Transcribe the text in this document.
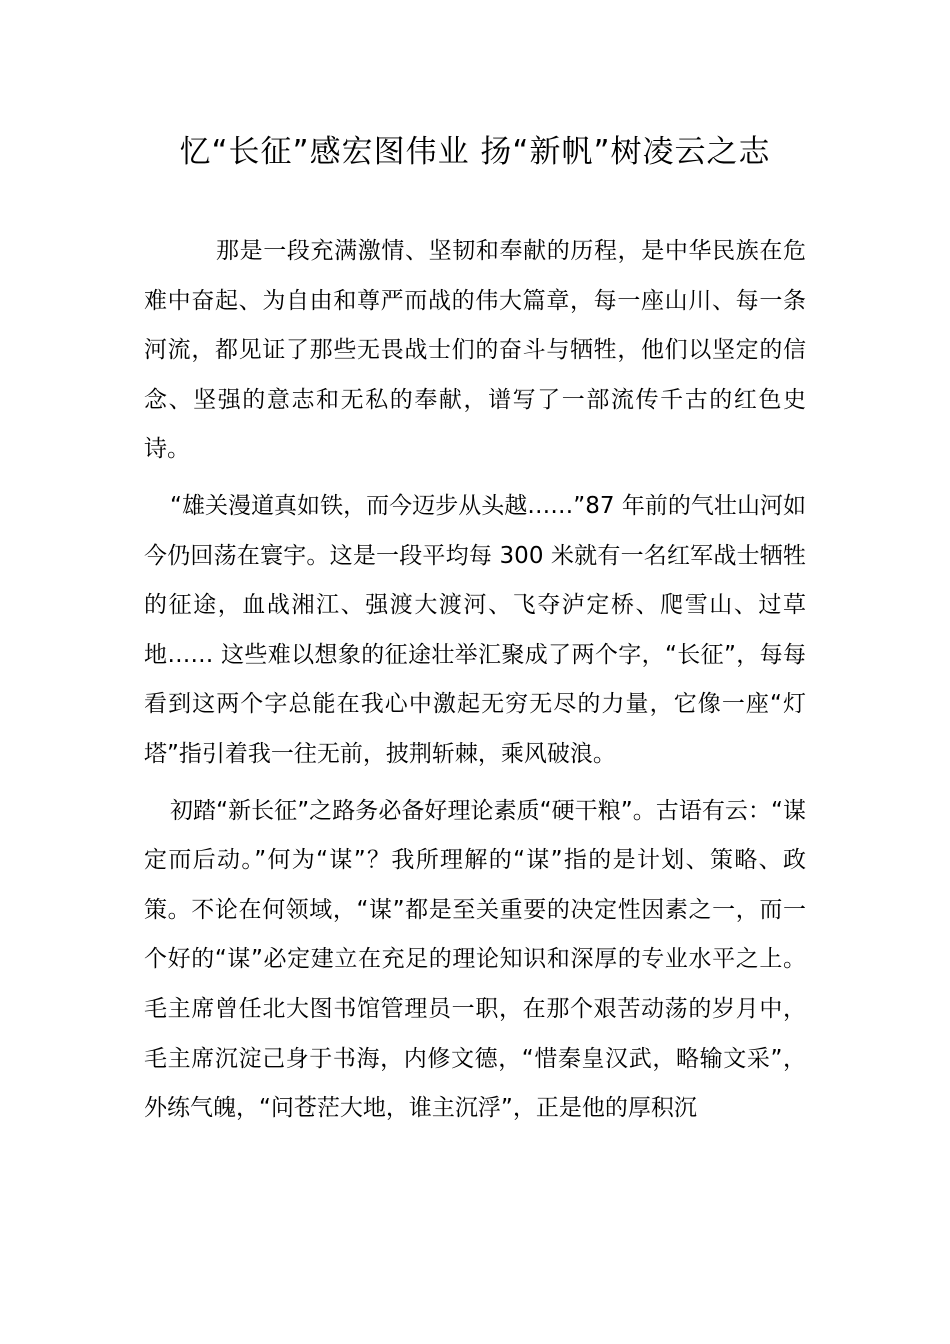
忆“长征”感宏图伟业 扬“新帆”树凌云之志

那是一段充满激情、坚韧和奉献的历程，是中华民族在危难中奋起、为自由和尊严而战的伟大篇章，每一座山川、每一条河流，都见证了那些无畏战士们的奋斗与牺牲，他们以坚定的信念、坚强的意志和无私的奉献，谱写了一部流传千古的红色史诗。

“雄关漫道真如铁，而今迈步从头越……”87 年前的气壮山河如今仍回荡在寰宇。这是一段平均每 300 米就有一名红军战士牺牲的征途，血战湘江、强渡大渡河、飞夺泸定桥、爬雪山、过草地…… 这些难以想象的征途壮举汇聚成了两个字，“长征”，每每看到这两个字总能在我心中激起无穷无尽的力量，它像一座“灯塔”指引着我一往无前，披荆斩棘，乘风破浪。

初踏“新长征”之路务必备好理论素质“硬干粮”。古语有云：“谋定而后动。”何为“谋”？我所理解的“谋”指的是计划、策略、政策。不论在何领域，“谋”都是至关重要的决定性因素之一，而一个好的“谋”必定建立在充足的理论知识和深厚的专业水平之上。毛主席曾任北大图书馆管理员一职，在那个艰苦动荡的岁月中，毛主席沉淀己身于书海，内修文德，“惜秦皇汉武，略输文采”，外练气魄，“问苍茫大地，谁主沉浮”，正是他的厚积沉
